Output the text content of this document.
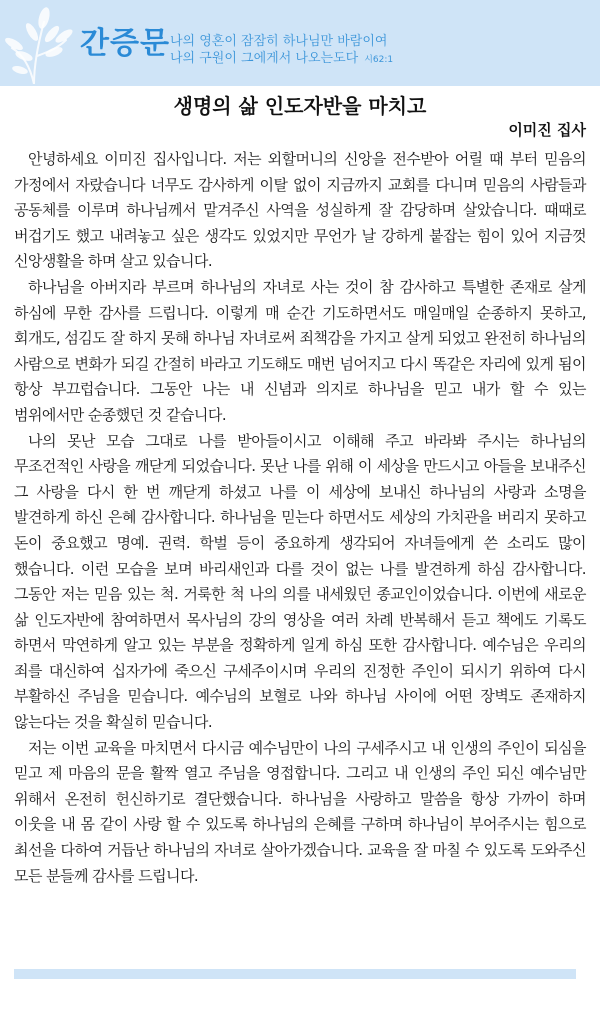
간증문 나의 영혼이 잠잠히 하나님만 바람이여
나의 구원이 그에게서 나오는도다 시62:1
생명의 삶 인도자반을 마치고
이미진 집사

안녕하세요 이미진 집사입니다. 저는 외할머니의 신앙을 전수받아 어릴 때 부터 믿음의 가정에서 자랐습니다 너무도 감사하게 이탈 없이 지금까지 교회를 다니며 믿음의 사람들과 공동체를 이루며 하나님께서 맡겨주신 사역을 성실하게 잘 감당하며 살았습니다. 때때로 버겁기도 했고 내려놓고 싶은 생각도 있었지만 무언가 날 강하게 붙잡는 힘이 있어 지금껏 신앙생활을 하며 살고 있습니다.

하나님을 아버지라 부르며 하나님의 자녀로 사는 것이 참 감사하고 특별한 존재로 살게 하심에 무한 감사를 드립니다. 이렇게 매 순간 기도하면서도 매일매일 순종하지 못하고, 회개도, 섬김도 잘 하지 못해 하나님 자녀로써 죄책감을 가지고 살게 되었고 완전히 하나님의 사람으로 변화가 되길 간절히 바라고 기도해도 매번 넘어지고 다시 똑같은 자리에 있게 됨이 항상 부끄럽습니다. 그동안 나는 내 신념과 의지로 하나님을 믿고 내가 할 수 있는 범위에서만 순종했던 것 같습니다.

나의 못난 모습 그대로 나를 받아들이시고 이해해 주고 바라봐 주시는 하나님의 무조건적인 사랑을 깨닫게 되었습니다. 못난 나를 위해 이 세상을 만드시고 아들을 보내주신 그 사랑을 다시 한 번 깨닫게 하셨고 나를 이 세상에 보내신 하나님의 사랑과 소명을 발견하게 하신 은혜 감사합니다. 하나님을 믿는다 하면서도 세상의 가치관을 버리지 못하고 돈이 중요했고 명예. 권력. 학벌 등이 중요하게 생각되어 자녀들에게 쓴 소리도 많이 했습니다. 이런 모습을 보며 바리새인과 다를 것이 없는 나를 발견하게 하심 감사합니다. 그동안 저는 믿음 있는 척. 거룩한 척 나의 의를 내세웠던 종교인이었습니다. 이번에 새로운 삶 인도자반에 참여하면서 목사님의 강의 영상을 여러 차례 반복해서 듣고 책에도 기록도 하면서 막연하게 알고 있는 부분을 정확하게 일게 하심 또한 감사합니다. 예수님은 우리의 죄를 대신하여 십자가에 죽으신 구세주이시며 우리의 진정한 주인이 되시기 위하여 다시 부활하신 주님을 믿습니다. 예수님의 보혈로 나와 하나님 사이에 어떤 장벽도 존재하지 않는다는 것을 확실히 믿습니다.

저는 이번 교육을 마치면서 다시금 예수님만이 나의 구세주시고 내 인생의 주인이 되심을 믿고 제 마음의 문을 활짝 열고 주님을 영접합니다. 그리고 내 인생의 주인 되신 예수님만 위해서 온전히 헌신하기로 결단했습니다. 하나님을 사랑하고 말씀을 항상 가까이 하며 이웃을 내 몸 같이 사랑 할 수 있도록 하나님의 은혜를 구하며 하나님이 부어주시는 힘으로 최선을 다하여 거듭난 하나님의 자녀로 살아가겠습니다. 교육을 잘 마칠 수 있도록 도와주신 모든 분들께 감사를 드립니다.
